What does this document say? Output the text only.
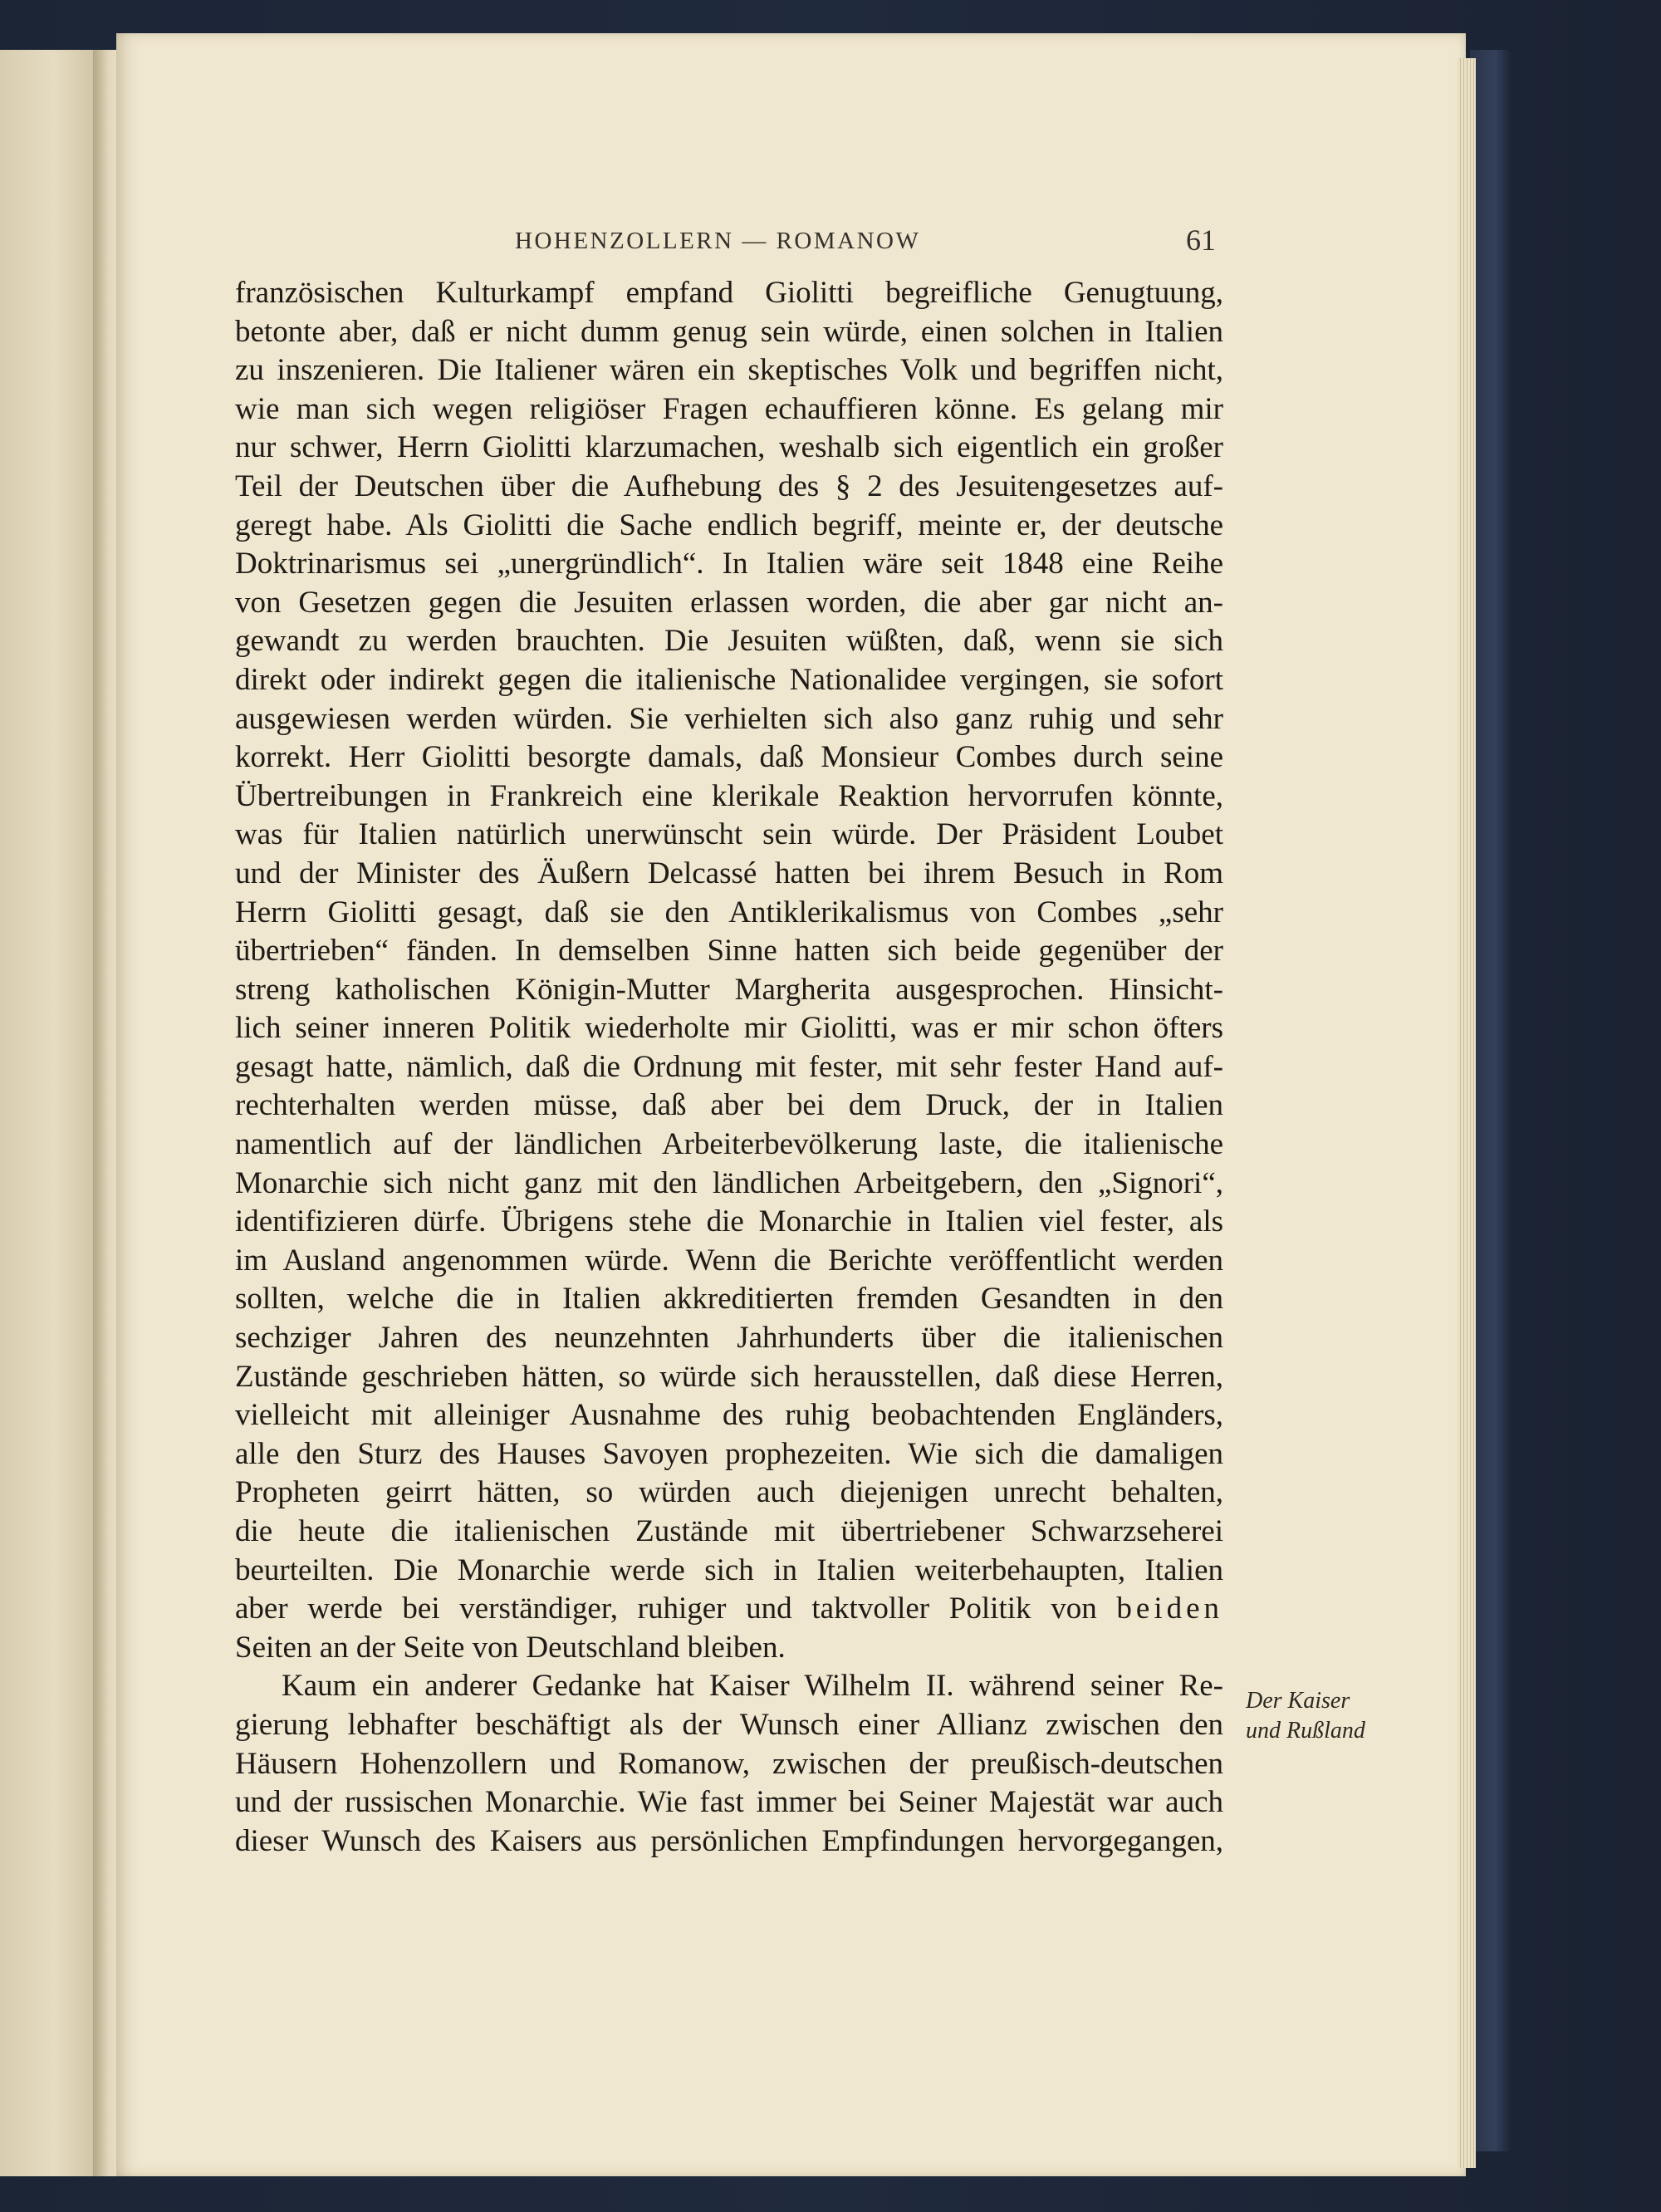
HOHENZOLLERN — ROMANOW	61
französischen Kulturkampf empfand Giolitti begreifliche Genugtuung,
betonte aber, daß er nicht dumm genug sein würde, einen solchen in Italien
zu inszenieren. Die Italiener wären ein skeptisches Volk und begriffen nicht,
wie man sich wegen religiöser Fragen echauffieren könne. Es gelang mir
nur schwer, Herrn Giolitti klarzumachen, weshalb sich eigentlich ein großer
Teil der Deutschen über die Aufhebung des § 2 des Jesuitengesetzes auf-
geregt habe. Als Giolitti die Sache endlich begriff, meinte er, der deutsche
Doktrinarismus sei „unergründlich“. In Italien wäre seit 1848 eine Reihe
von Gesetzen gegen die Jesuiten erlassen worden, die aber gar nicht an-
gewandt zu werden brauchten. Die Jesuiten wüßten, daß, wenn sie sich
direkt oder indirekt gegen die italienische Nationalidee vergingen, sie sofort
ausgewiesen werden würden. Sie verhielten sich also ganz ruhig und sehr
korrekt. Herr Giolitti besorgte damals, daß Monsieur Combes durch seine
Übertreibungen in Frankreich eine klerikale Reaktion hervorrufen könnte,
was für Italien natürlich unerwünscht sein würde. Der Präsident Loubet
und der Minister des Äußern Delcassé hatten bei ihrem Besuch in Rom
Herrn Giolitti gesagt, daß sie den Antiklerikalismus von Combes „sehr
übertrieben“ fänden. In demselben Sinne hatten sich beide gegenüber der
streng katholischen Königin-Mutter Margherita ausgesprochen. Hinsicht-
lich seiner inneren Politik wiederholte mir Giolitti, was er mir schon öfters
gesagt hatte, nämlich, daß die Ordnung mit fester, mit sehr fester Hand auf-
rechterhalten werden müsse, daß aber bei dem Druck, der in Italien
namentlich auf der ländlichen Arbeiterbevölkerung laste, die italienische
Monarchie sich nicht ganz mit den ländlichen Arbeitgebern, den „Signori“,
identifizieren dürfe. Übrigens stehe die Monarchie in Italien viel fester, als
im Ausland angenommen würde. Wenn die Berichte veröffentlicht werden
sollten, welche die in Italien akkreditierten fremden Gesandten in den
sechziger Jahren des neunzehnten Jahrhunderts über die italienischen
Zustände geschrieben hätten, so würde sich herausstellen, daß diese Herren,
vielleicht mit alleiniger Ausnahme des ruhig beobachtenden Engländers,
alle den Sturz des Hauses Savoyen prophezeiten. Wie sich die damaligen
Propheten geirrt hätten, so würden auch diejenigen unrecht behalten,
die heute die italienischen Zustände mit übertriebener Schwarzseherei
beurteilten. Die Monarchie werde sich in Italien weiterbehaupten, Italien
aber werde bei verständiger, ruhiger und taktvoller Politik von beiden
Seiten an der Seite von Deutschland bleiben.
Kaum ein anderer Gedanke hat Kaiser Wilhelm II. während seiner Re-
gierung lebhafter beschäftigt als der Wunsch einer Allianz zwischen den
Häusern Hohenzollern und Romanow, zwischen der preußisch-deutschen
und der russischen Monarchie. Wie fast immer bei Seiner Majestät war auch
dieser Wunsch des Kaisers aus persönlichen Empfindungen hervorgegangen,
Der Kaiser
und Rußland
